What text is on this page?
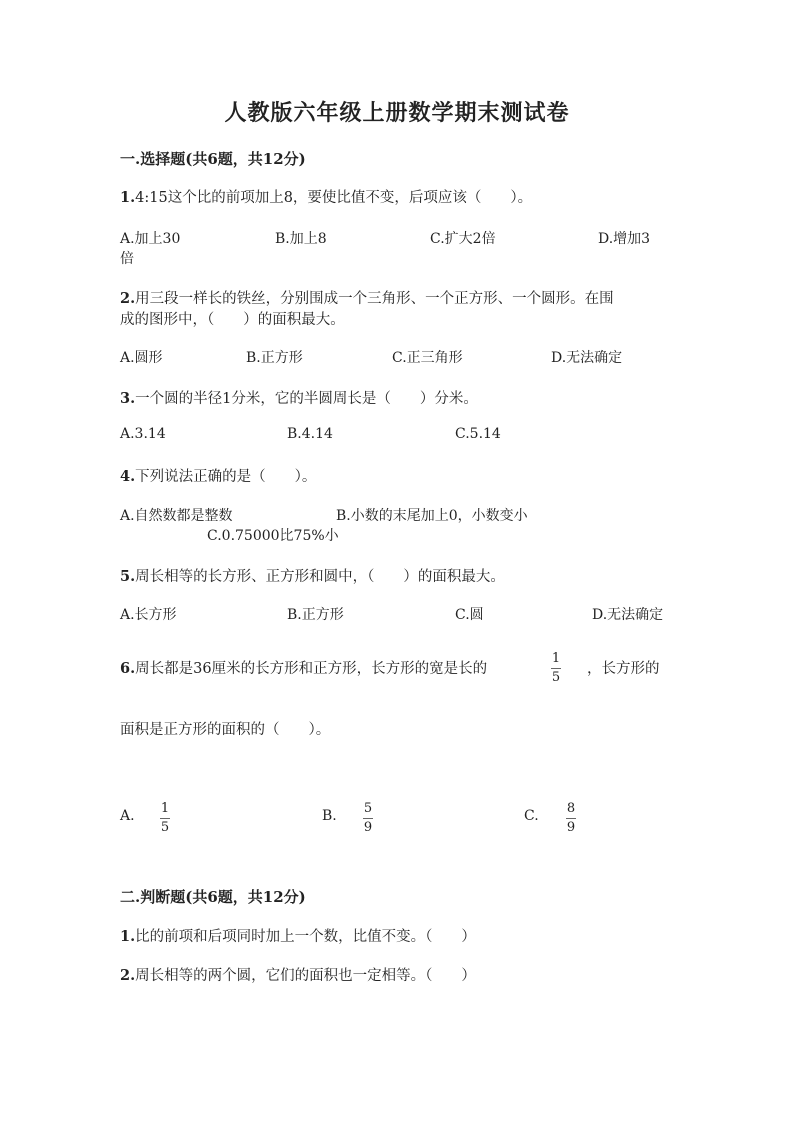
人教版六年级上册数学期末测试卷
一.选择题(共6题，共12分)
1.4:15这个比的前项加上8，要使比值不变，后项应该（　　）。
A.加上30	B.加上8	C.扩大2倍	D.增加3
倍
2.用三段一样长的铁丝，分别围成一个三角形、一个正方形、一个圆形。在围
成的图形中，（　　）的面积最大。
A.圆形	B.正方形	C.正三角形	D.无法确定
3.一个圆的半径1分米，它的半圆周长是（　　）分米。
A.3.14	B.4.14	C.5.14
4.下列说法正确的是（　　）。
A.自然数都是整数	B.小数的末尾加上0，小数变小
C.0.75000比75%小
5.周长相等的长方形、正方形和圆中，（　　）的面积最大。
A.长方形	B.正方形	C.圆	D.无法确定
6.周长都是36厘米的长方形和正方形，长方形的宽是长的
1
5
，长方形的
面积是正方形的面积的（　　）。
A. 1
5
B. 5
9
C. 8
9
二.判断题(共6题，共12分)
1.比的前项和后项同时加上一个数，比值不变。（　　）
2.周长相等的两个圆，它们的面积也一定相等。（　　）
